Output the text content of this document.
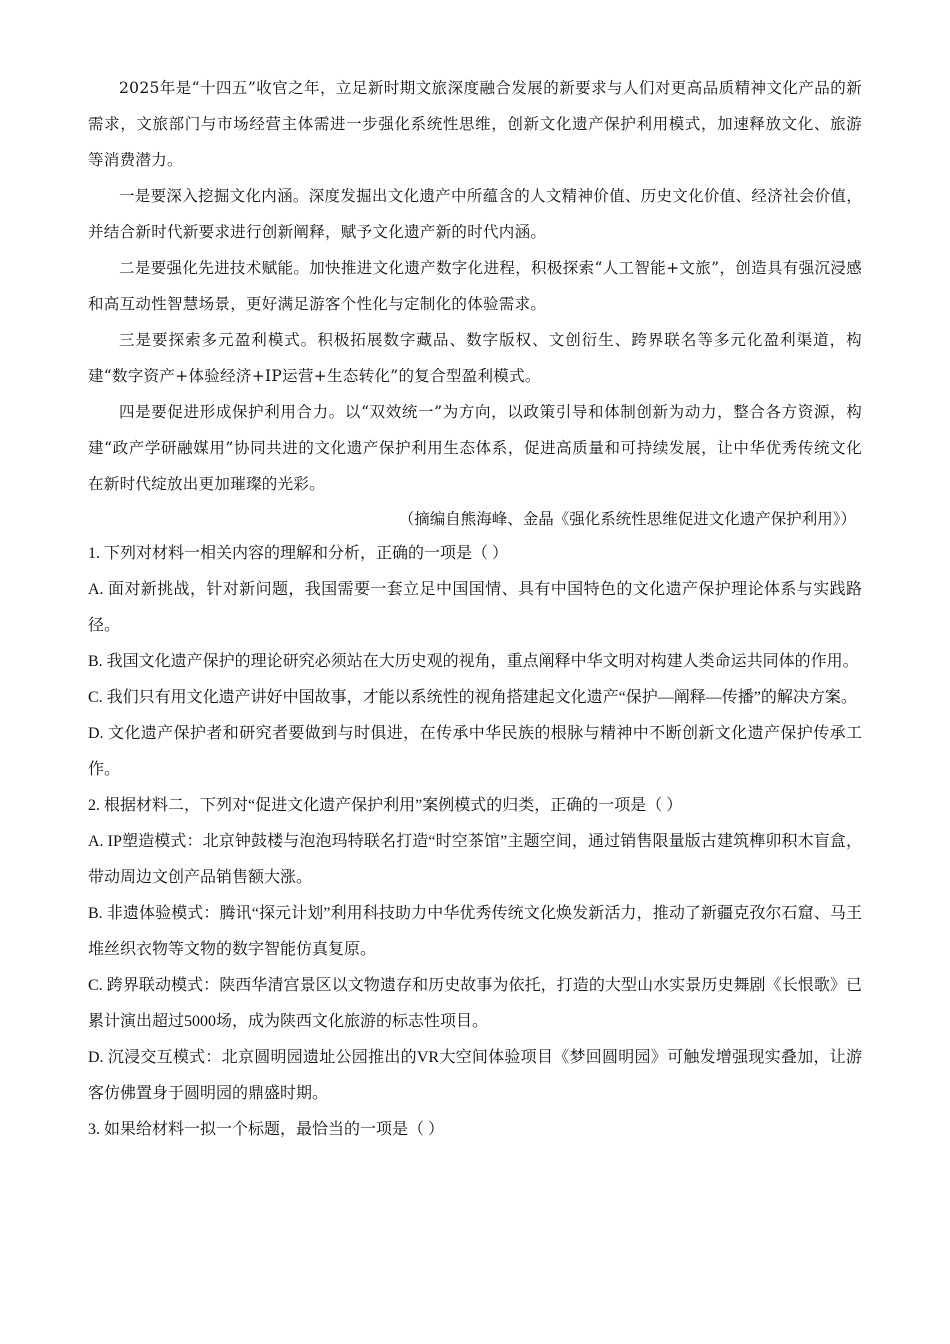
2025年是“十四五”收官之年，立足新时期文旅深度融合发展的新要求与人们对更高品质精神文化产品的新需求，文旅部门与市场经营主体需进一步强化系统性思维，创新文化遗产保护利用模式，加速释放文化、旅游等消费潜力。

一是要深入挖掘文化内涵。深度发掘出文化遗产中所蕴含的人文精神价值、历史文化价值、经济社会价值，并结合新时代新要求进行创新阐释，赋予文化遗产新的时代内涵。

二是要强化先进技术赋能。加快推进文化遗产数字化进程，积极探索“人工智能+文旅”，创造具有强沉浸感和高互动性智慧场景，更好满足游客个性化与定制化的体验需求。

三是要探索多元盈利模式。积极拓展数字藏品、数字版权、文创衍生、跨界联名等多元化盈利渠道，构建“数字资产+体验经济+IP运营+生态转化”的复合型盈利模式。

四是要促进形成保护利用合力。以“双效统一”为方向，以政策引导和体制创新为动力，整合各方资源，构建“政产学研融媒用”协同共进的文化遗产保护利用生态体系，促进高质量和可持续发展，让中华优秀传统文化在新时代绽放出更加璀璨的光彩。

（摘编自熊海峰、金晶《强化系统性思维促进文化遗产保护利用》）

1. 下列对材料一相关内容的理解和分析，正确的一项是（ ）

A. 面对新挑战，针对新问题，我国需要一套立足中国国情、具有中国特色的文化遗产保护理论体系与实践路径。

B. 我国文化遗产保护的理论研究必须站在大历史观的视角，重点阐释中华文明对构建人类命运共同体的作用。

C. 我们只有用文化遗产讲好中国故事，才能以系统性的视角搭建起文化遗产“保护—阐释—传播”的解决方案。

D. 文化遗产保护者和研究者要做到与时俱进，在传承中华民族的根脉与精神中不断创新文化遗产保护传承工作。

2. 根据材料二，下列对“促进文化遗产保护利用”案例模式的归类，正确的一项是（ ）

A. IP塑造模式：北京钟鼓楼与泡泡玛特联名打造“时空茶馆”主题空间，通过销售限量版古建筑榫卯积木盲盒，带动周边文创产品销售额大涨。

B. 非遗体验模式：腾讯“探元计划”利用科技助力中华优秀传统文化焕发新活力，推动了新疆克孜尔石窟、马王堆丝织衣物等文物的数字智能仿真复原。

C. 跨界联动模式：陕西华清宫景区以文物遗存和历史故事为依托，打造的大型山水实景历史舞剧《长恨歌》已累计演出超过5000场，成为陕西文化旅游的标志性项目。

D. 沉浸交互模式：北京圆明园遗址公园推出的VR大空间体验项目《梦回圆明园》可触发增强现实叠加，让游客仿佛置身于圆明园的鼎盛时期。

3. 如果给材料一拟一个标题，最恰当的一项是（ ）
